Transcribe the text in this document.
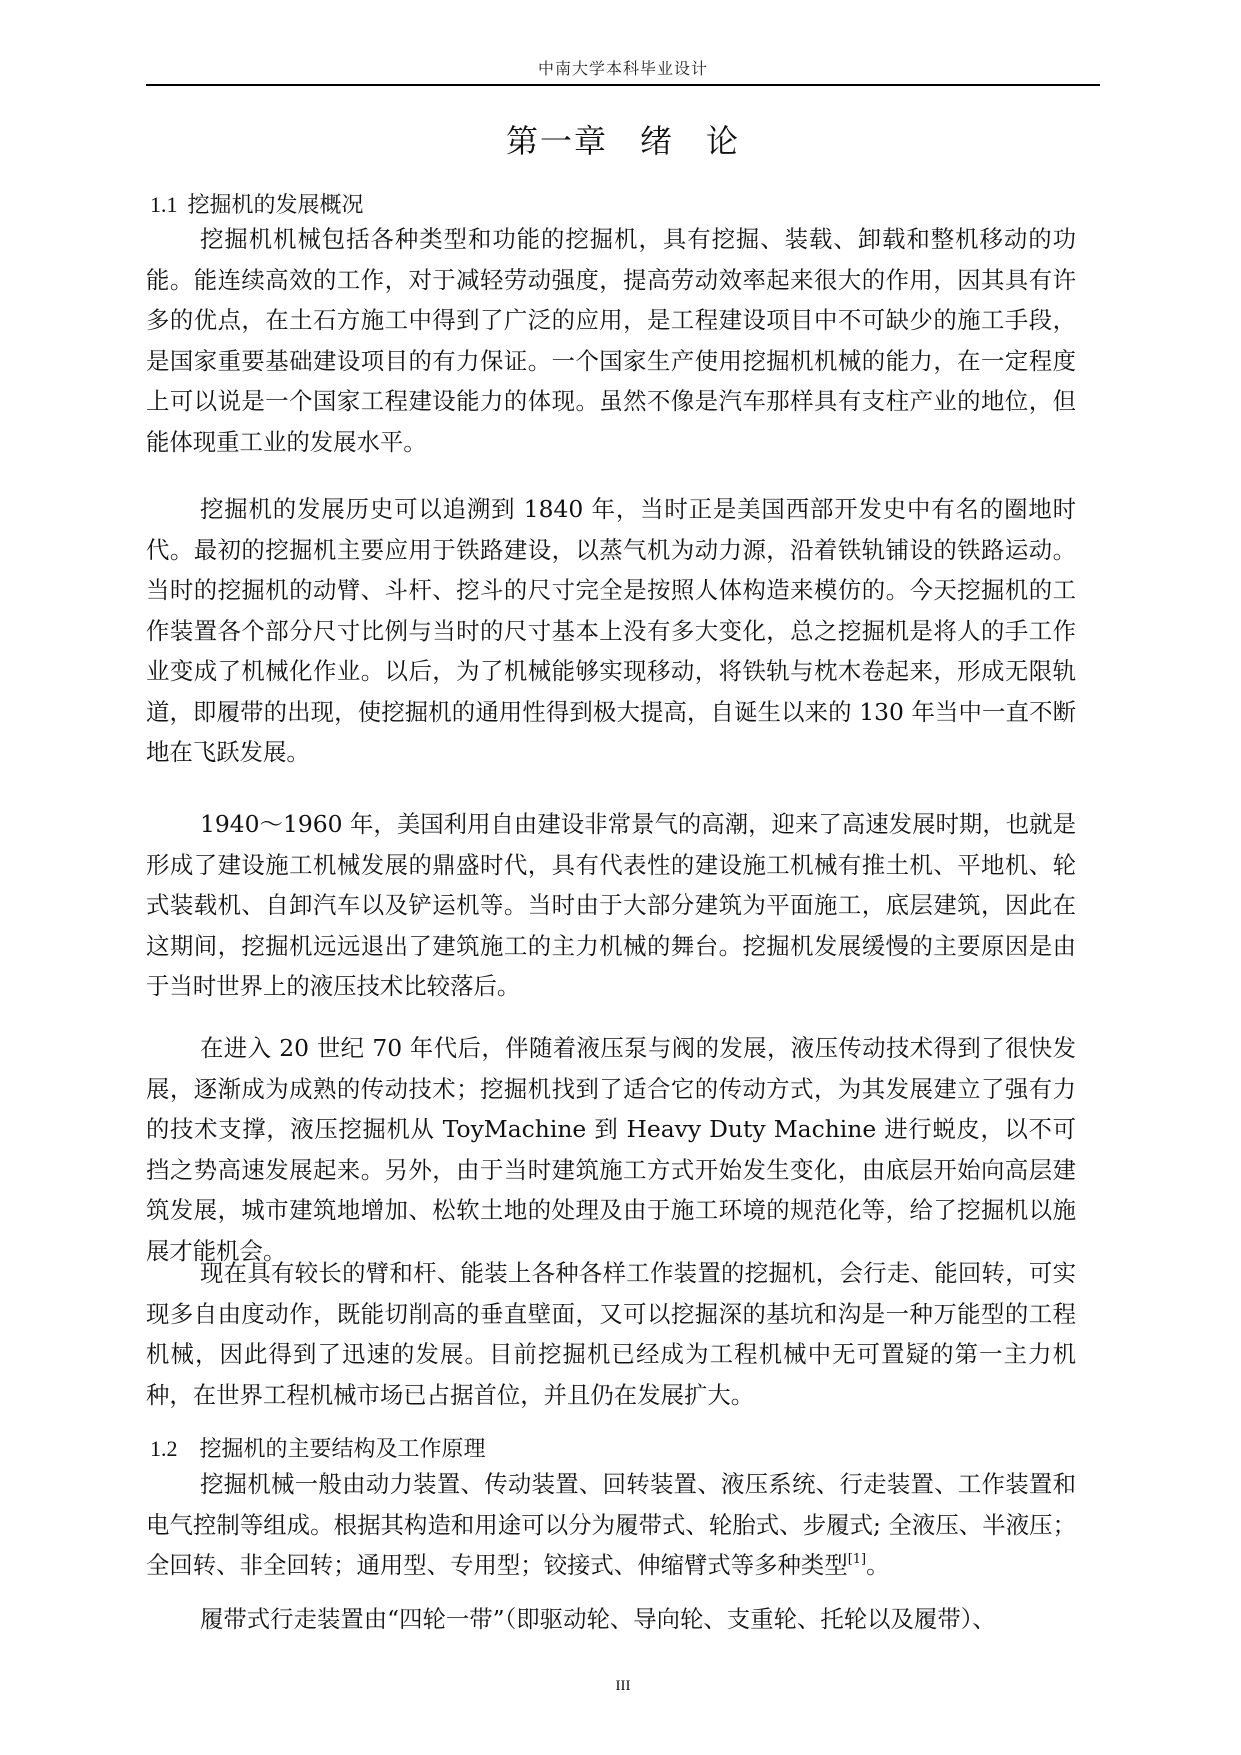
中南大学本科毕业设计
第一章 绪 论
1.1 挖掘机的发展概况

挖掘机机械包括各种类型和功能的挖掘机，具有挖掘、装载、卸载和整机移动的功能。能连续高效的工作，对于减轻劳动强度，提高劳动效率起来很大的作用，因其具有许多的优点，在土石方施工中得到了广泛的应用，是工程建设项目中不可缺少的施工手段，是国家重要基础建设项目的有力保证。一个国家生产使用挖掘机机械的能力，在一定程度上可以说是一个国家工程建设能力的体现。虽然不像是汽车那样具有支柱产业的地位，但能体现重工业的发展水平。

挖掘机的发展历史可以追溯到 1840 年，当时正是美国西部开发史中有名的圈地时代。最初的挖掘机主要应用于铁路建设，以蒸气机为动力源，沿着铁轨铺设的铁路运动。当时的挖掘机的动臂、斗杆、挖斗的尺寸完全是按照人体构造来模仿的。今天挖掘机的工作装置各个部分尺寸比例与当时的尺寸基本上没有多大变化，总之挖掘机是将人的手工作业变成了机械化作业。以后，为了机械能够实现移动，将铁轨与枕木卷起来，形成无限轨道，即履带的出现，使挖掘机的通用性得到极大提高，自诞生以来的 130 年当中一直不断地在飞跃发展。

1940～1960 年，美国利用自由建设非常景气的高潮，迎来了高速发展时期，也就是形成了建设施工机械发展的鼎盛时代，具有代表性的建设施工机械有推土机、平地机、轮式装载机、自卸汽车以及铲运机等。当时由于大部分建筑为平面施工，底层建筑，因此在这期间，挖掘机远远退出了建筑施工的主力机械的舞台。挖掘机发展缓慢的主要原因是由于当时世界上的液压技术比较落后。

在进入 20 世纪 70 年代后，伴随着液压泵与阀的发展，液压传动技术得到了很快发展，逐渐成为成熟的传动技术；挖掘机找到了适合它的传动方式，为其发展建立了强有力的技术支撑，液压挖掘机从 ToyMachine 到 Heavy Duty Machine 进行蜕皮，以不可挡之势高速发展起来。另外，由于当时建筑施工方式开始发生变化，由底层开始向高层建筑发展，城市建筑地增加、松软土地的处理及由于施工环境的规范化等，给了挖掘机以施展才能机会。

现在具有较长的臂和杆、能装上各种各样工作装置的挖掘机，会行走、能回转，可实现多自由度动作，既能切削高的垂直壁面，又可以挖掘深的基坑和沟是一种万能型的工程机械，因此得到了迅速的发展。目前挖掘机已经成为工程机械中无可置疑的第一主力机种，在世界工程机械市场已占据首位，并且仍在发展扩大。

1.2 挖掘机的主要结构及工作原理

挖掘机械一般由动力装置、传动装置、回转装置、液压系统、行走装置、工作装置和电气控制等组成。根据其构造和用途可以分为履带式、轮胎式、步履式; 全液压、半液压；全回转、非全回转；通用型、专用型；铰接式、伸缩臂式等多种类型[1]。

履带式行走装置由“四轮一带”（即驱动轮、导向轮、支重轮、托轮以及履带）、

III
